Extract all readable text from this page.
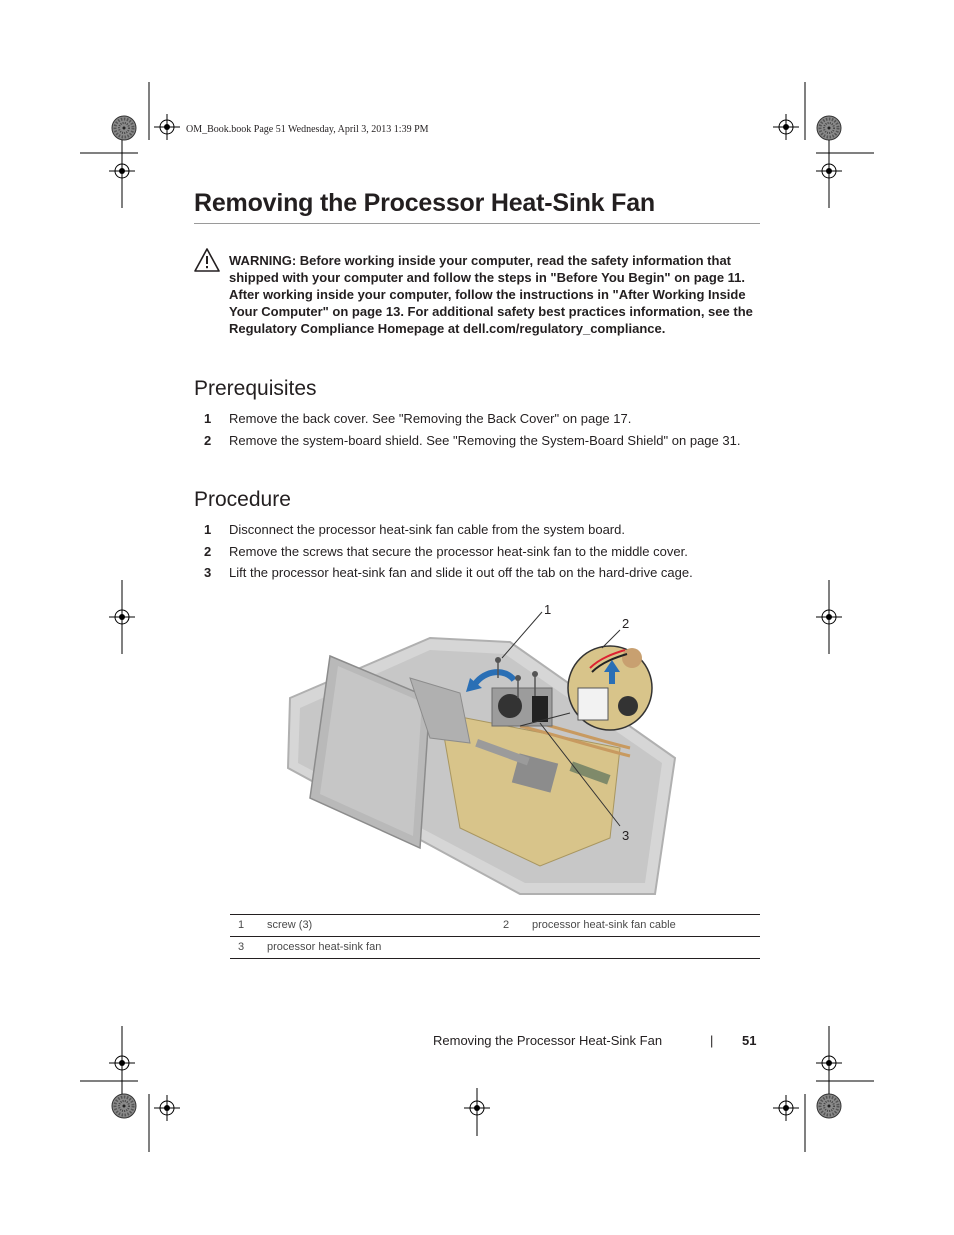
OM_Book.book Page 51 Wednesday, April 3, 2013 1:39 PM
Removing the Processor Heat-Sink Fan
WARNING: Before working inside your computer, read the safety information that shipped with your computer and follow the steps in "Before You Begin" on page 11. After working inside your computer, follow the instructions in "After Working Inside Your Computer" on page 13. For additional safety best practices information, see the Regulatory Compliance Homepage at dell.com/regulatory_compliance.
Prerequisites
1 Remove the back cover. See "Removing the Back Cover" on page 17.
2 Remove the system-board shield. See "Removing the System-Board Shield" on page 31.
Procedure
1 Disconnect the processor heat-sink fan cable from the system board.
2 Remove the screws that secure the processor heat-sink fan to the middle cover.
3 Lift the processor heat-sink fan and slide it out off the tab on the hard-drive cage.
1
2
3
1 screw (3)	2 processor heat-sink fan cable
3 processor heat-sink fan
Removing the Processor Heat-Sink Fan	| 51
